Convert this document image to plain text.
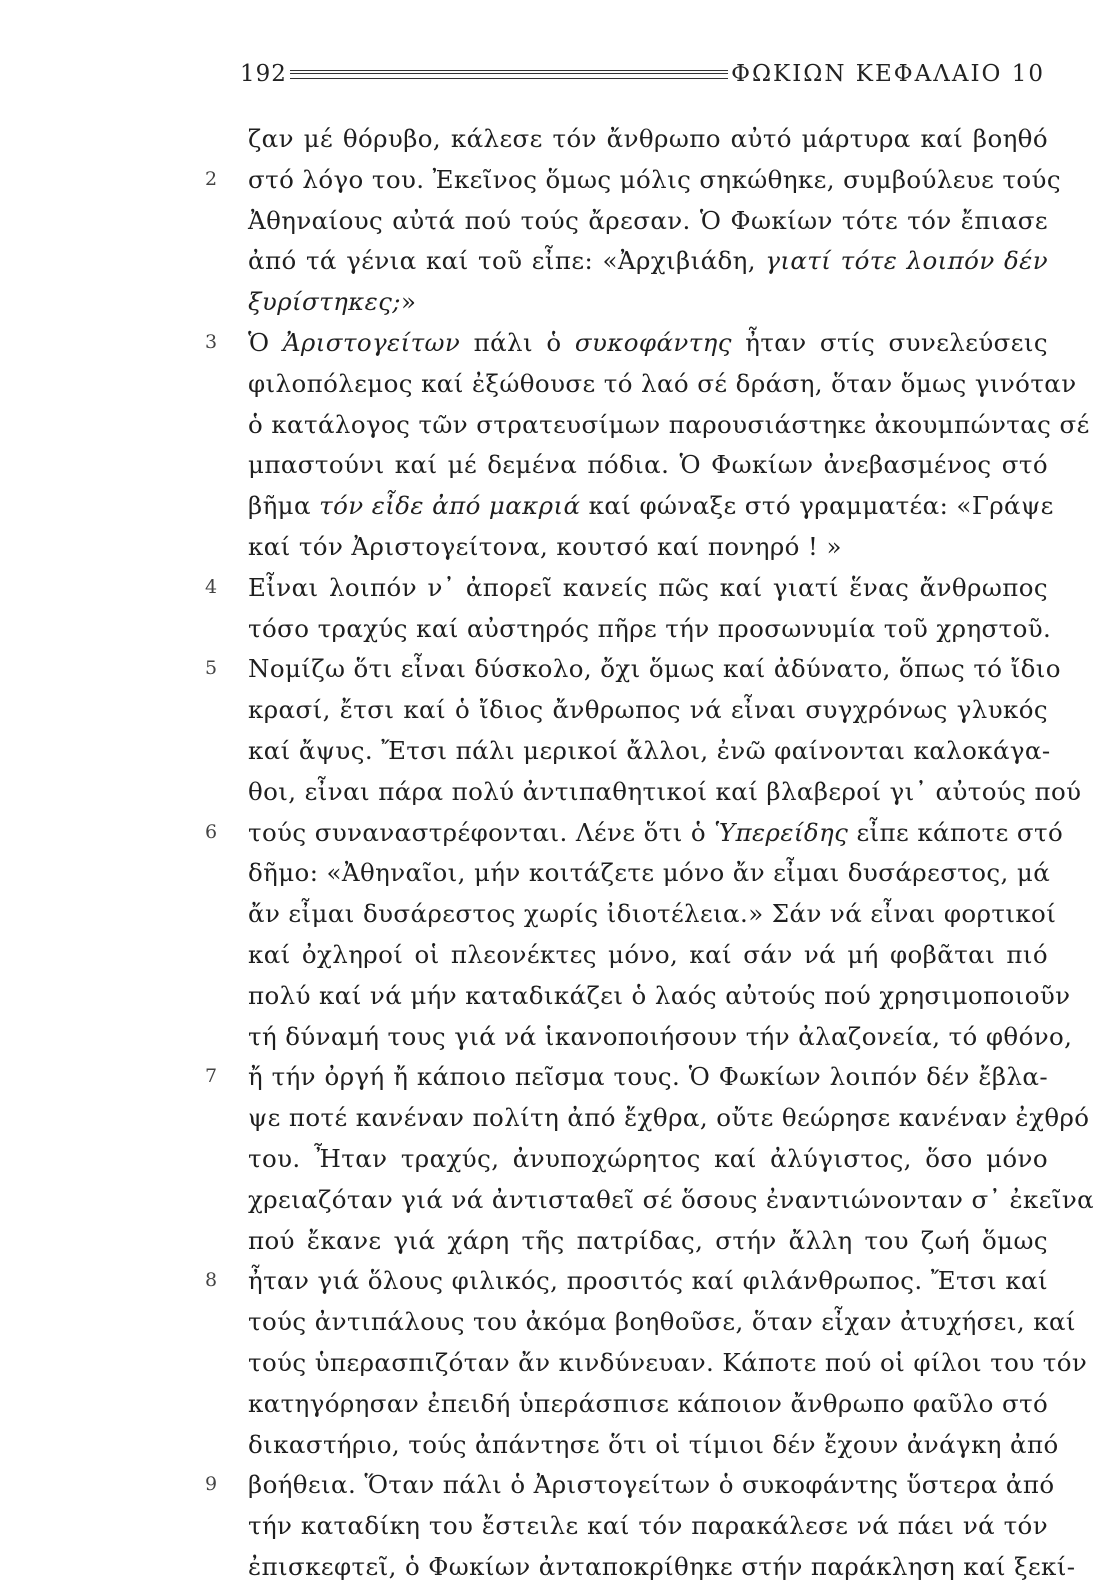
192	ΦΩΚΙΩΝ ΚΕΦΑΛΑΙΟ 10
ζαν μέ θόρυβο, κάλεσε τόν ἄνθρωπο αὐτό μάρτυρα καί βοηθό
στό λόγο του. Ἐκεῖνος ὅμως μόλις σηκώθηκε, συμβούλευε τούς
2
Ἀθηναίους αὐτά πού τούς ἄρεσαν. Ὁ Φωκίων τότε τόν ἔπιασε
ἀπό τά γένια καί τοῦ εἶπε: «Ἀρχιβιάδη, γιατί τότε λοιπόν δέν
ξυρίστηκες;»
Ὁ Ἀριστογείτων πάλι ὁ συκοφάντης ἦταν στίς συνελεύσεις
3
φιλοπόλεμος καί ἐξώθουσε τό λαό σέ δράση, ὅταν ὅμως γινόταν
ὁ κατάλογος τῶν στρατευσίμων παρουσιάστηκε ἀκουμπώντας σέ
μπαστούνι καί μέ δεμένα πόδια. Ὁ Φωκίων ἀνεβασμένος στό
βῆμα τόν εἶδε ἀπό μακριά καί φώναξε στό γραμματέα: «Γράψε
καί τόν Ἀριστογείτονα, κουτσό καί πονηρό ! »
Εἶναι λοιπόν ν᾿ ἀπορεῖ κανείς πῶς καί γιατί ἕνας ἄνθρωπος
4
τόσο τραχύς καί αὐστηρός πῆρε τήν προσωνυμία τοῦ χρηστοῦ.
Νομίζω ὅτι εἶναι δύσκολο, ὄχι ὅμως καί ἀδύνατο, ὅπως τό ἴδιο
5
κρασί, ἔτσι καί ὁ ἴδιος ἄνθρωπος νά εἶναι συγχρόνως γλυκός
καί ἄψυς. Ἔτσι πάλι μερικοί ἄλλοι, ἐνῶ φαίνονται καλοκάγα-
θοι, εἶναι πάρα πολύ ἀντιπαθητικοί καί βλαβεροί γι᾿ αὐτούς πού
τούς συναναστρέφονται. Λένε ὅτι ὁ Ὑπερείδης εἶπε κάποτε στό
6
δῆμο: «Ἀθηναῖοι, μήν κοιτάζετε μόνο ἄν εἶμαι δυσάρεστος, μά
ἄν εἶμαι δυσάρεστος χωρίς ἰδιοτέλεια.» Σάν νά εἶναι φορτικοί
καί ὀχληροί οἱ πλεονέκτες μόνο, καί σάν νά μή φοβᾶται πιό
πολύ καί νά μήν καταδικάζει ὁ λαός αὐτούς πού χρησιμοποιοῦν
τή δύναμή τους γιά νά ἱκανοποιήσουν τήν ἀλαζονεία, τό φθόνο,
ἤ τήν ὀργή ἤ κάποιο πεῖσμα τους. Ὁ Φωκίων λοιπόν δέν ἔβλα-
7
ψε ποτέ κανέναν πολίτη ἀπό ἔχθρα, οὔτε θεώρησε κανέναν ἐχθρό
του. Ἦταν τραχύς, ἀνυποχώρητος καί ἀλύγιστος, ὅσο μόνο
χρειαζόταν γιά νά ἀντισταθεῖ σέ ὅσους ἐναντιώνονταν σ᾿ ἐκεῖνα
πού ἔκανε γιά χάρη τῆς πατρίδας, στήν ἄλλη του ζωή ὅμως
ἦταν γιά ὅλους φιλικός, προσιτός καί φιλάνθρωπος. Ἔτσι καί
8
τούς ἀντιπάλους του ἀκόμα βοηθοῦσε, ὅταν εἶχαν ἀτυχήσει, καί
τούς ὑπερασπιζόταν ἄν κινδύνευαν. Κάποτε πού οἱ φίλοι του τόν
κατηγόρησαν ἐπειδή ὑπεράσπισε κάποιον ἄνθρωπο φαῦλο στό
δικαστήριο, τούς ἀπάντησε ὅτι οἱ τίμιοι δέν ἔχουν ἀνάγκη ἀπό
βοήθεια. Ὅταν πάλι ὁ Ἀριστογείτων ὁ συκοφάντης ὕστερα ἀπό
9
τήν καταδίκη του ἔστειλε καί τόν παρακάλεσε νά πάει νά τόν
ἐπισκεφτεῖ, ὁ Φωκίων ἀνταποκρίθηκε στήν παράκληση καί ξεκί-
